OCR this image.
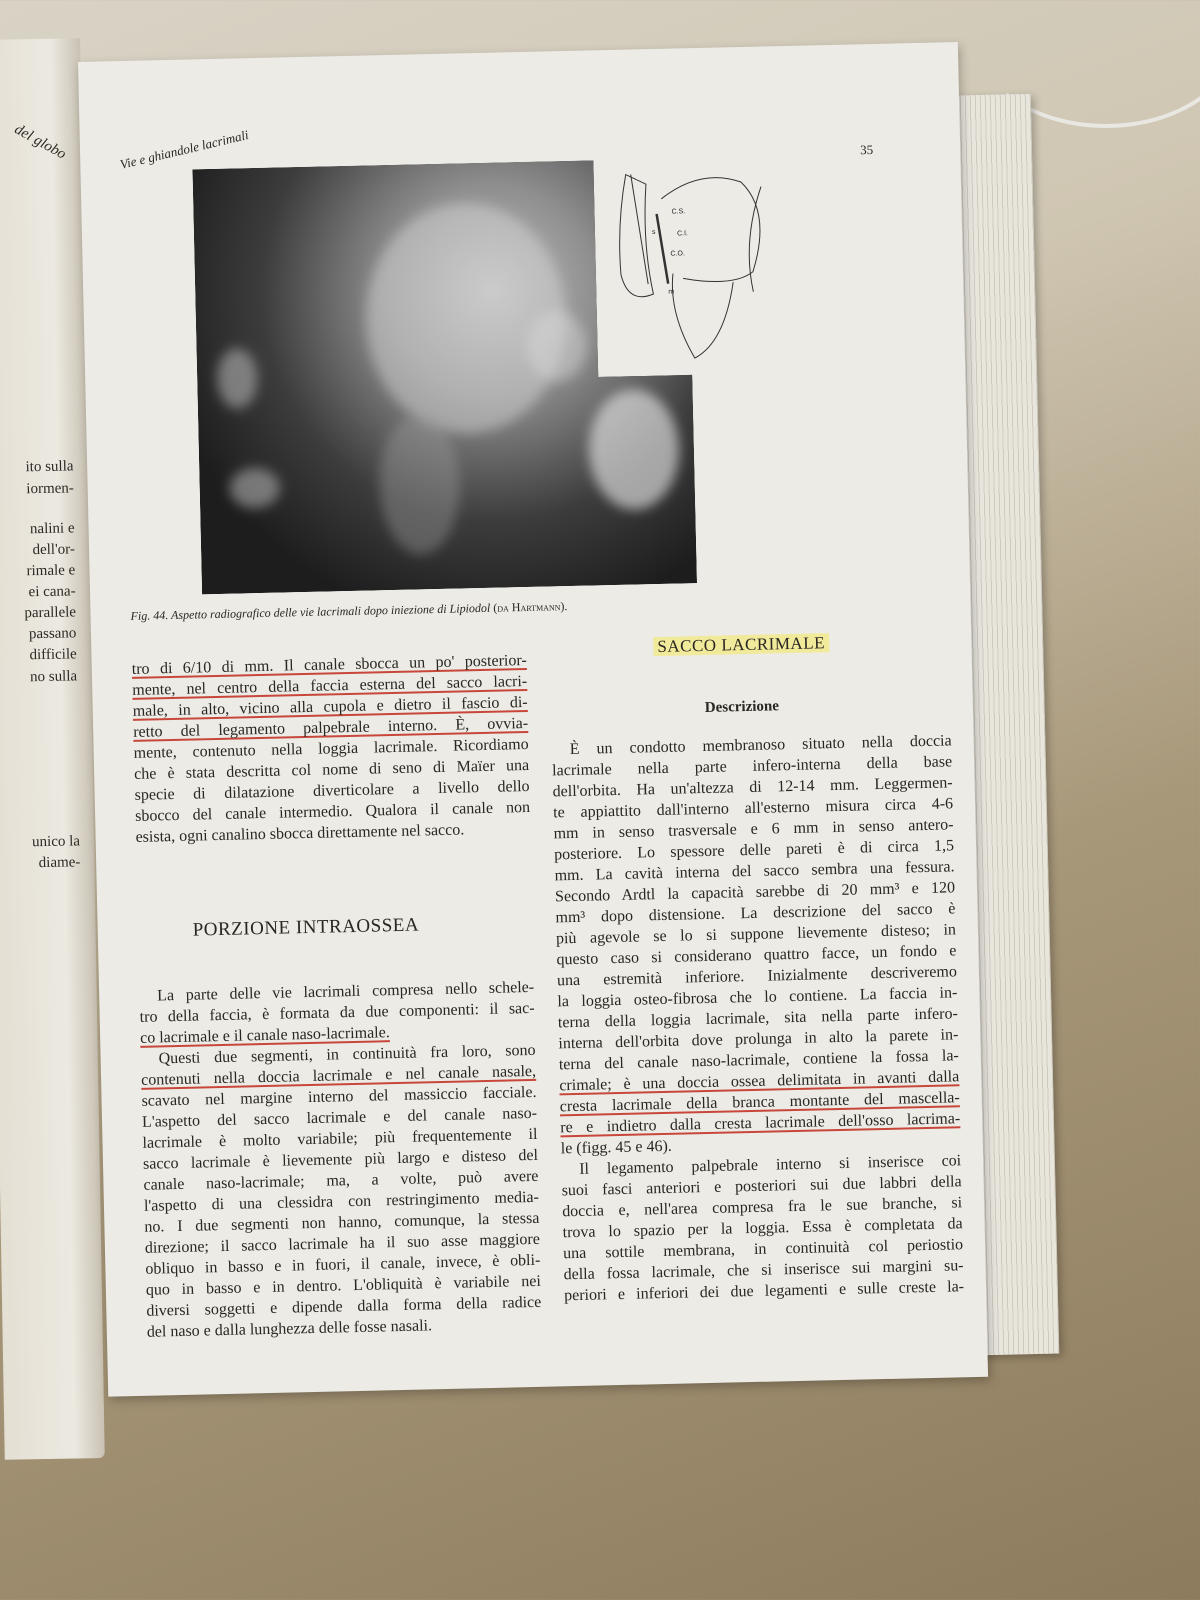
del globo
ito sulla
iormen-
nalini e
dell'or-
rimale e
ei cana-
parallele
passano
difficile
no sulla
unico la
diame-
Vie e ghiandole lacrimali	35
C.S.
C.I.
C.O.
m
s
Fig. 44. Aspetto radiografico delle vie lacrimali dopo iniezione di Lipiodol (da Hartmann).
tro di 6/10 di mm. Il canale sbocca un po' posterior-
mente, nel centro della faccia esterna del sacco lacri-
male, in alto, vicino alla cupola e dietro il fascio di-
retto del legamento palpebrale interno. È, ovvia-
mente, contenuto nella loggia lacrimale. Ricordiamo
che è stata descritta col nome di seno di Maïer una
specie di dilatazione diverticolare a livello dello
sbocco del canale intermedio. Qualora il canale non
esista, ogni canalino sbocca direttamente nel sacco.
PORZIONE INTRAOSSEA
La parte delle vie lacrimali compresa nello schele-
tro della faccia, è formata da due componenti: il sac-
co lacrimale e il canale naso-lacrimale.
Questi due segmenti, in continuità fra loro, sono
contenuti nella doccia lacrimale e nel canale nasale,
scavato nel margine interno del massiccio facciale.
L'aspetto del sacco lacrimale e del canale naso-
lacrimale è molto variabile; più frequentemente il
sacco lacrimale è lievemente più largo e disteso del
canale naso-lacrimale; ma, a volte, può avere
l'aspetto di una clessidra con restringimento media-
no. I due segmenti non hanno, comunque, la stessa
direzione; il sacco lacrimale ha il suo asse maggiore
obliquo in basso e in fuori, il canale, invece, è obli-
quo in basso e in dentro. L'obliquità è variabile nei
diversi soggetti e dipende dalla forma della radice
del naso e dalla lunghezza delle fosse nasali.
SACCO LACRIMALE
Descrizione
È un condotto membranoso situato nella doccia
lacrimale nella parte infero-interna della base
dell'orbita. Ha un'altezza di 12-14 mm. Leggermen-
te appiattito dall'interno all'esterno misura circa 4-6
mm in senso trasversale e 6 mm in senso antero-
posteriore. Lo spessore delle pareti è di circa 1,5
mm. La cavità interna del sacco sembra una fessura.
Secondo Ardtl la capacità sarebbe di 20 mm³ e 120
mm³ dopo distensione. La descrizione del sacco è
più agevole se lo si suppone lievemente disteso; in
questo caso si considerano quattro facce, un fondo e
una estremità inferiore. Inizialmente descriveremo
la loggia osteo-fibrosa che lo contiene. La faccia in-
terna della loggia lacrimale, sita nella parte infero-
interna dell'orbita dove prolunga in alto la parete in-
terna del canale naso-lacrimale, contiene la fossa la-
crimale; è una doccia ossea delimitata in avanti dalla
cresta lacrimale della branca montante del mascella-
re e indietro dalla cresta lacrimale dell'osso lacrima-
le (figg. 45 e 46).
Il legamento palpebrale interno si inserisce coi
suoi fasci anteriori e posteriori sui due labbri della
doccia e, nell'area compresa fra le sue branche, si
trova lo spazio per la loggia. Essa è completata da
una sottile membrana, in continuità col periostio
della fossa lacrimale, che si inserisce sui margini su-
periori e inferiori dei due legamenti e sulle creste la-
